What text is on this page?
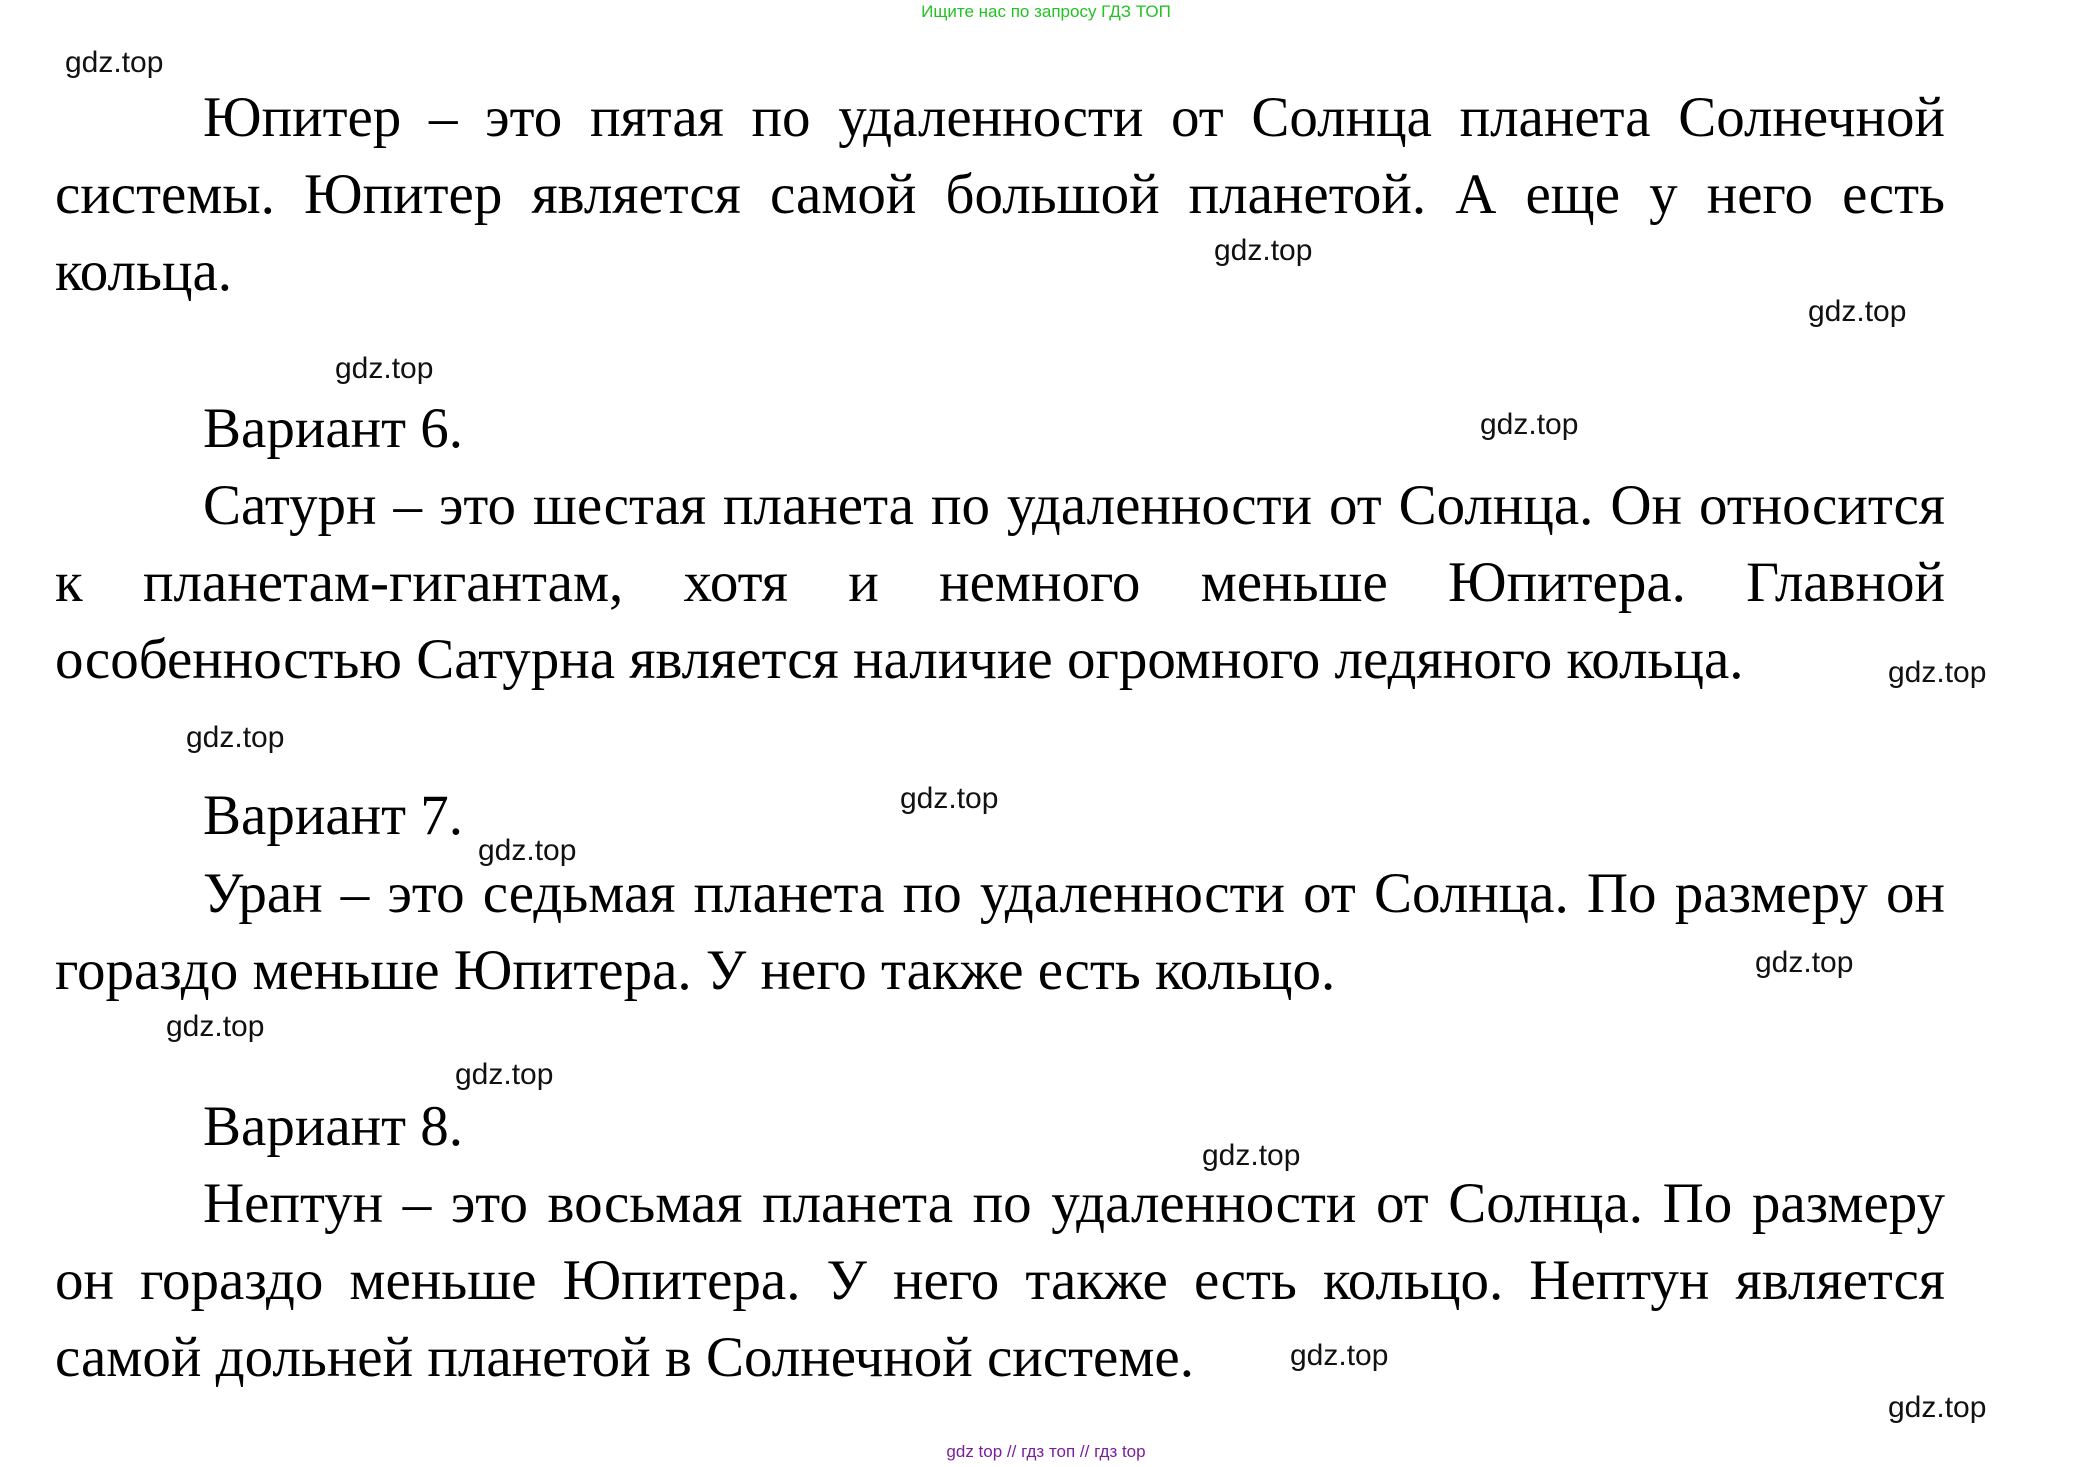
Ищите нас по запросу ГДЗ ТОП

Юпитер – это пятая по удаленности от Солнца планета Солнечной системы. Юпитер является самой большой планетой. А еще у него есть кольца.

Вариант 6.

Сатурн – это шестая планета по удаленности от Солнца. Он относится к планетам-гигантам, хотя и немного меньше Юпитера. Главной особенностью Сатурна является наличие огромного ледяного кольца.

Вариант 7.

Уран – это седьмая планета по удаленности от Солнца. По размеру он гораздо меньше Юпитера. У него также есть кольцо.

Вариант 8.

Нептун – это восьмая планета по удаленности от Солнца. По размеру он гораздо меньше Юпитера. У него также есть кольцо. Нептун является самой дольней планетой в Солнечной системе.

gdz.top
gdz.top
gdz.top
gdz.top
gdz.top
gdz.top
gdz.top
gdz.top
gdz.top
gdz.top
gdz.top
gdz.top
gdz.top
gdz.top
gdz.top
gdz top // гдз топ // гдз top
